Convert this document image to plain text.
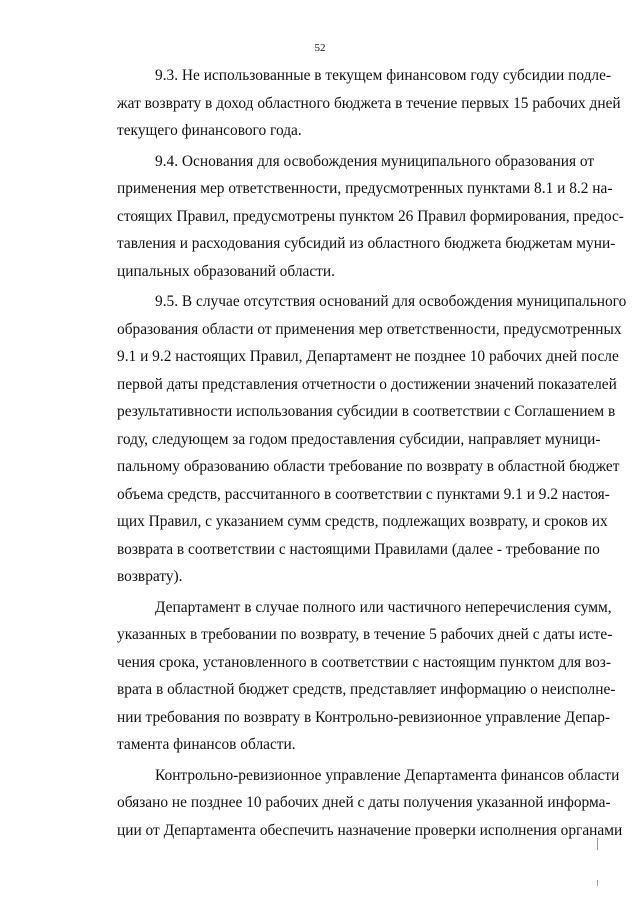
52
9.3. Не использованные в текущем финансовом году субсидии подле-
жат возврату в доход областного бюджета в течение первых 15 рабочих дней
текущего финансового года.
9.4. Основания для освобождения муниципального образования от
применения мер ответственности, предусмотренных пунктами 8.1 и 8.2 на-
стоящих Правил, предусмотрены пунктом 26 Правил формирования, предос-
тавления и расходования субсидий из областного бюджета бюджетам муни-
ципальных образований области.
9.5. В случае отсутствия оснований для освобождения муниципального
образования области от применения мер ответственности, предусмотренных
9.1 и 9.2 настоящих Правил, Департамент не позднее 10 рабочих дней после
первой даты представления отчетности о достижении значений показателей
результативности использования субсидии в соответствии с Соглашением в
году, следующем за годом предоставления субсидии, направляет муници-
пальному образованию области требование по возврату в областной бюджет
объема средств, рассчитанного в соответствии с пунктами 9.1 и 9.2 настоя-
щих Правил, с указанием сумм средств, подлежащих возврату, и сроков их
возврата в соответствии с настоящими Правилами (далее - требование по
возврату).
Департамент в случае полного или частичного неперечисления сумм,
указанных в требовании по возврату, в течение 5 рабочих дней с даты исте-
чения срока, установленного в соответствии с настоящим пунктом для воз-
врата в областной бюджет средств, представляет информацию о неисполне-
нии требования по возврату в Контрольно-ревизионное управление Депар-
тамента финансов области.
Контрольно-ревизионное управление Департамента финансов области
обязано не позднее 10 рабочих дней с даты получения указанной информа-
ции от Департамента обеспечить назначение проверки исполнения органами
